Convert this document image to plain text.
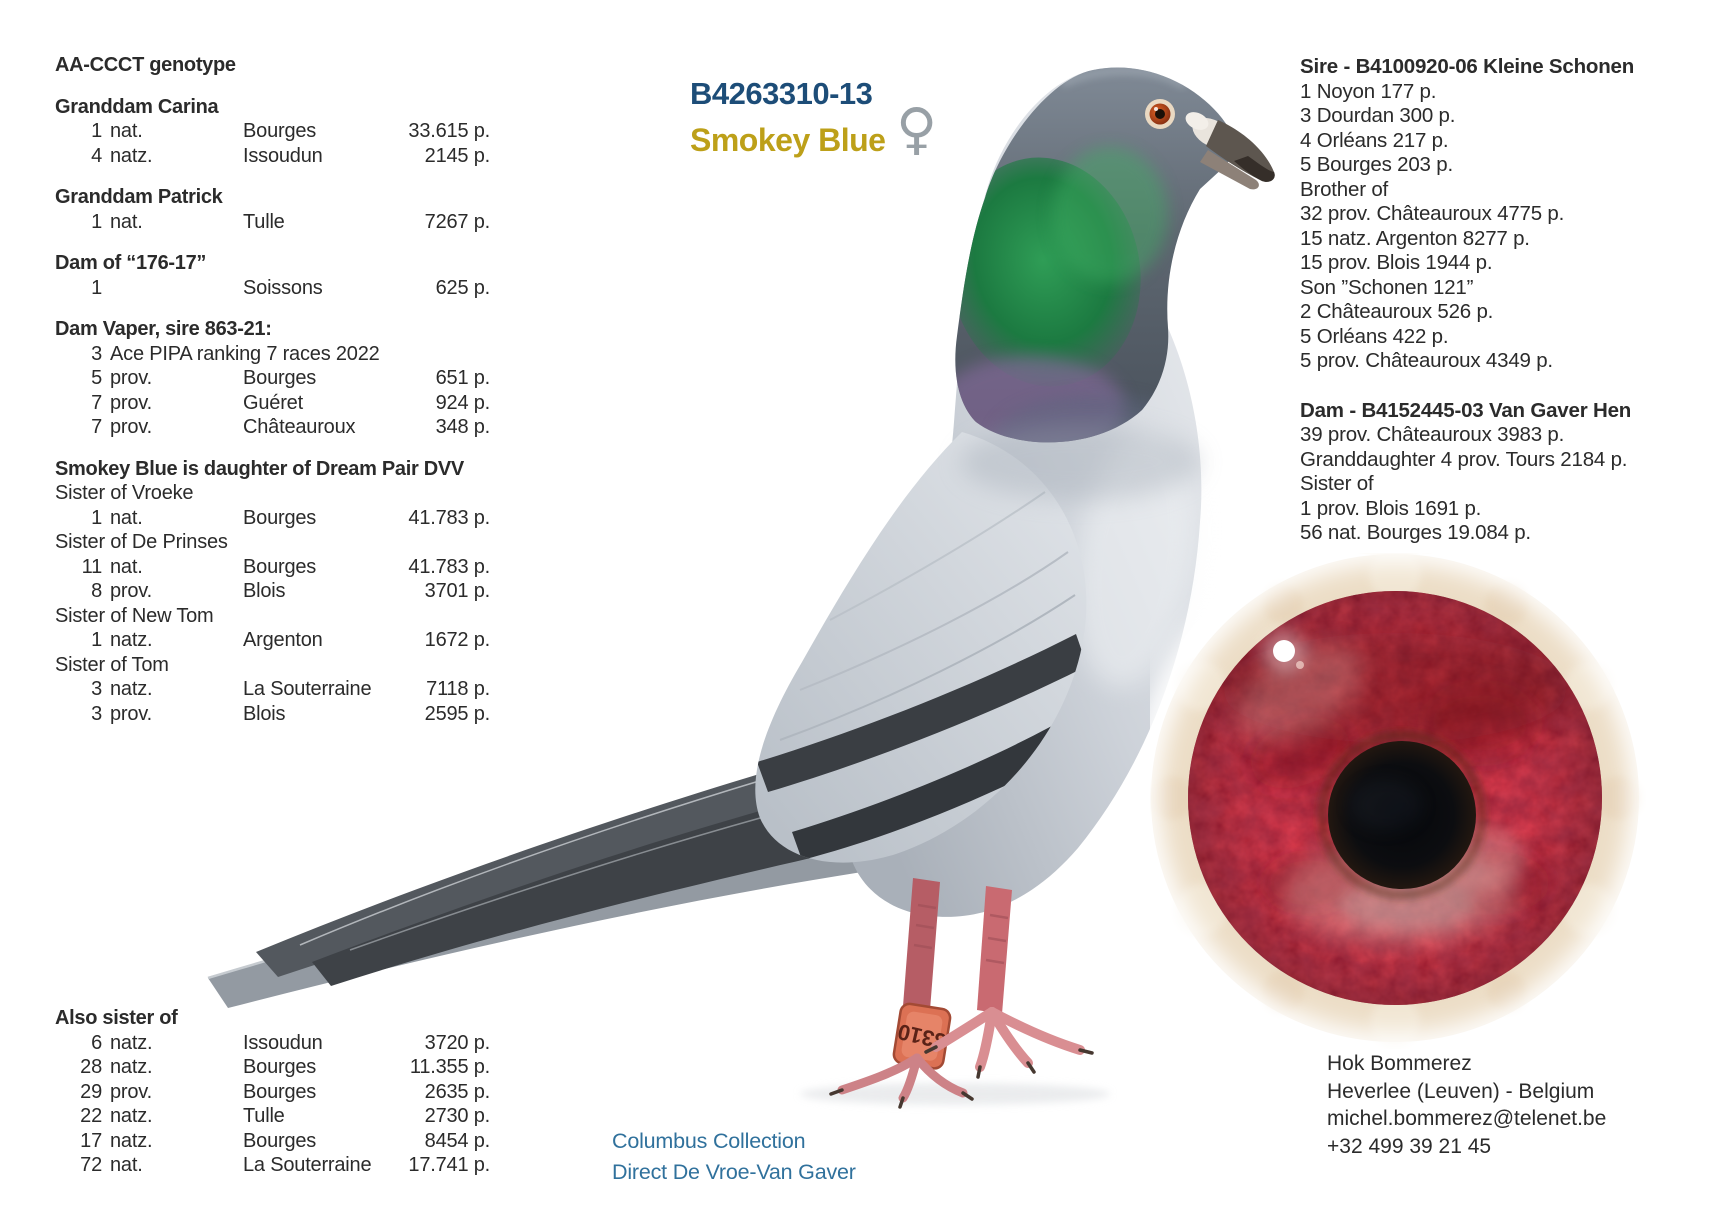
3310
B4263310-13
Smokey Blue ♀
AA-CCCT genotype
Granddam Carina
1 nat.	Bourges	33.615 p.
4 natz.	Issoudun	2145 p.
Granddam Patrick
1 nat.	Tulle	7267 p.
Dam of “176-17”
1	Soissons	625 p.
Dam Vaper, sire 863-21:
3 Ace PIPA ranking 7 races 2022
5 prov.	Bourges	651 p.
7 prov.	Guéret	924 p.
7 prov.	Châteauroux	348 p.
Smokey Blue is daughter of Dream Pair DVV
Sister of Vroeke
1 nat.	Bourges	41.783 p.
Sister of De Prinses
11 nat.	Bourges	41.783 p.
8 prov.	Blois	3701 p.
Sister of New Tom
1 natz.	Argenton	1672 p.
Sister of Tom
3 natz.	La Souterraine	7118 p.
3 prov.	Blois	2595 p.
Also sister of
6 natz.	Issoudun	3720 p.
28 natz.	Bourges	11.355 p.
29 prov.	Bourges	2635 p.
22 natz.	Tulle	2730 p.
17 natz.	Bourges	8454 p.
72 nat.	La Souterraine	17.741 p.
Sire - B4100920-06 Kleine Schonen
1 Noyon 177 p.
3 Dourdan 300 p.
4 Orléans 217 p.
5 Bourges 203 p.
Brother of
32 prov. Châteauroux 4775 p.
15 natz. Argenton 8277 p.
15 prov. Blois 1944 p.
Son ”Schonen 121”
2 Châteauroux 526 p.
5 Orléans 422 p.
5 prov. Châteauroux 4349 p.
Dam - B4152445-03 Van Gaver Hen
39 prov. Châteauroux 3983 p.
Granddaughter 4 prov. Tours 2184 p.
Sister of
1 prov. Blois 1691 p.
56 nat. Bourges 19.084 p.
Hok Bommerez
Heverlee (Leuven) - Belgium
michel.bommerez@telenet.be
+32 499 39 21 45
Columbus Collection
Direct De Vroe-Van Gaver
